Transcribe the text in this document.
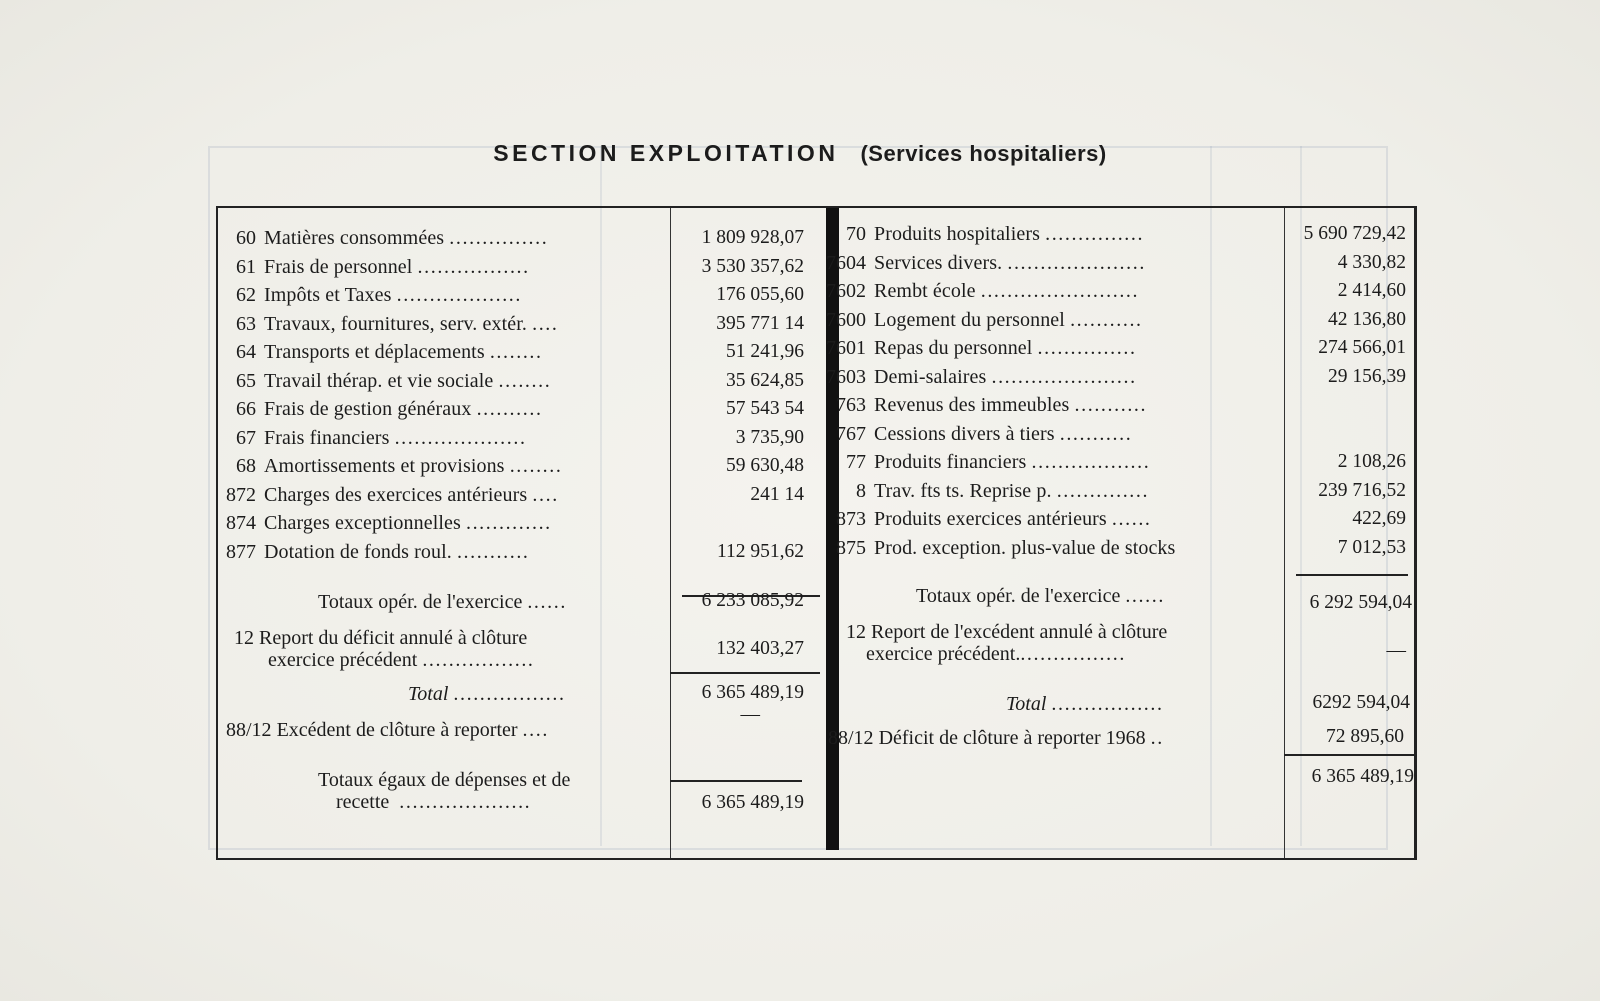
SECTION EXPLOITATION (Services hospitaliers)
60 Matières consommées ...............	1 809 928,07
61 Frais de personnel .................	3 530 357,62
62 Impôts et Taxes ...................	176 055,60
63 Travaux, fournitures, serv. extér. ....	395 771 14
64 Transports et déplacements ........	51 241,96
65 Travail thérap. et vie sociale ........	35 624,85
66 Frais de gestion généraux ..........	57 543 54
67 Frais financiers ....................	3 735,90
68 Amortissements et provisions ........	59 630,48
872 Charges des exercices antérieurs ....	241 14
874 Charges exceptionnelles .............
877 Dotation de fonds roul. ...........	112 951,62
Totaux opér. de l'exercice ......	6 233 085,92
12 Report du déficit annulé à clôture
exercice précédent .................
132 403,27
Total .................	6 365 489,19
88/12 Excédent de clôture à reporter ....
—
Totaux égaux de dépenses et de
recette ....................	6 365 489,19
70 Produits hospitaliers ...............	5 690 729,42
7604 Services divers. .....................	4 330,82
7602 Rembt école ........................	2 414,60
7600 Logement du personnel ...........	42 136,80
7601 Repas du personnel ...............	274 566,01
7603 Demi-salaires ......................	29 156,39
763 Revenus des immeubles ...........
767 Cessions divers à tiers ...........
77 Produits financiers ..................	2 108,26
8 Trav. fts ts. Reprise p. ..............	239 716,52
873 Produits exercices antérieurs ......	422,69
875 Prod. exception. plus-value de stocks	7 012,53
Totaux opér. de l'exercice ......	6 292 594,04
12 Report de l'excédent annulé à clôture
exercice précédent.................	—
Total .................	6292 594,04
88/12 Déficit de clôture à reporter 1968 ..	72 895,60
6 365 489,19
